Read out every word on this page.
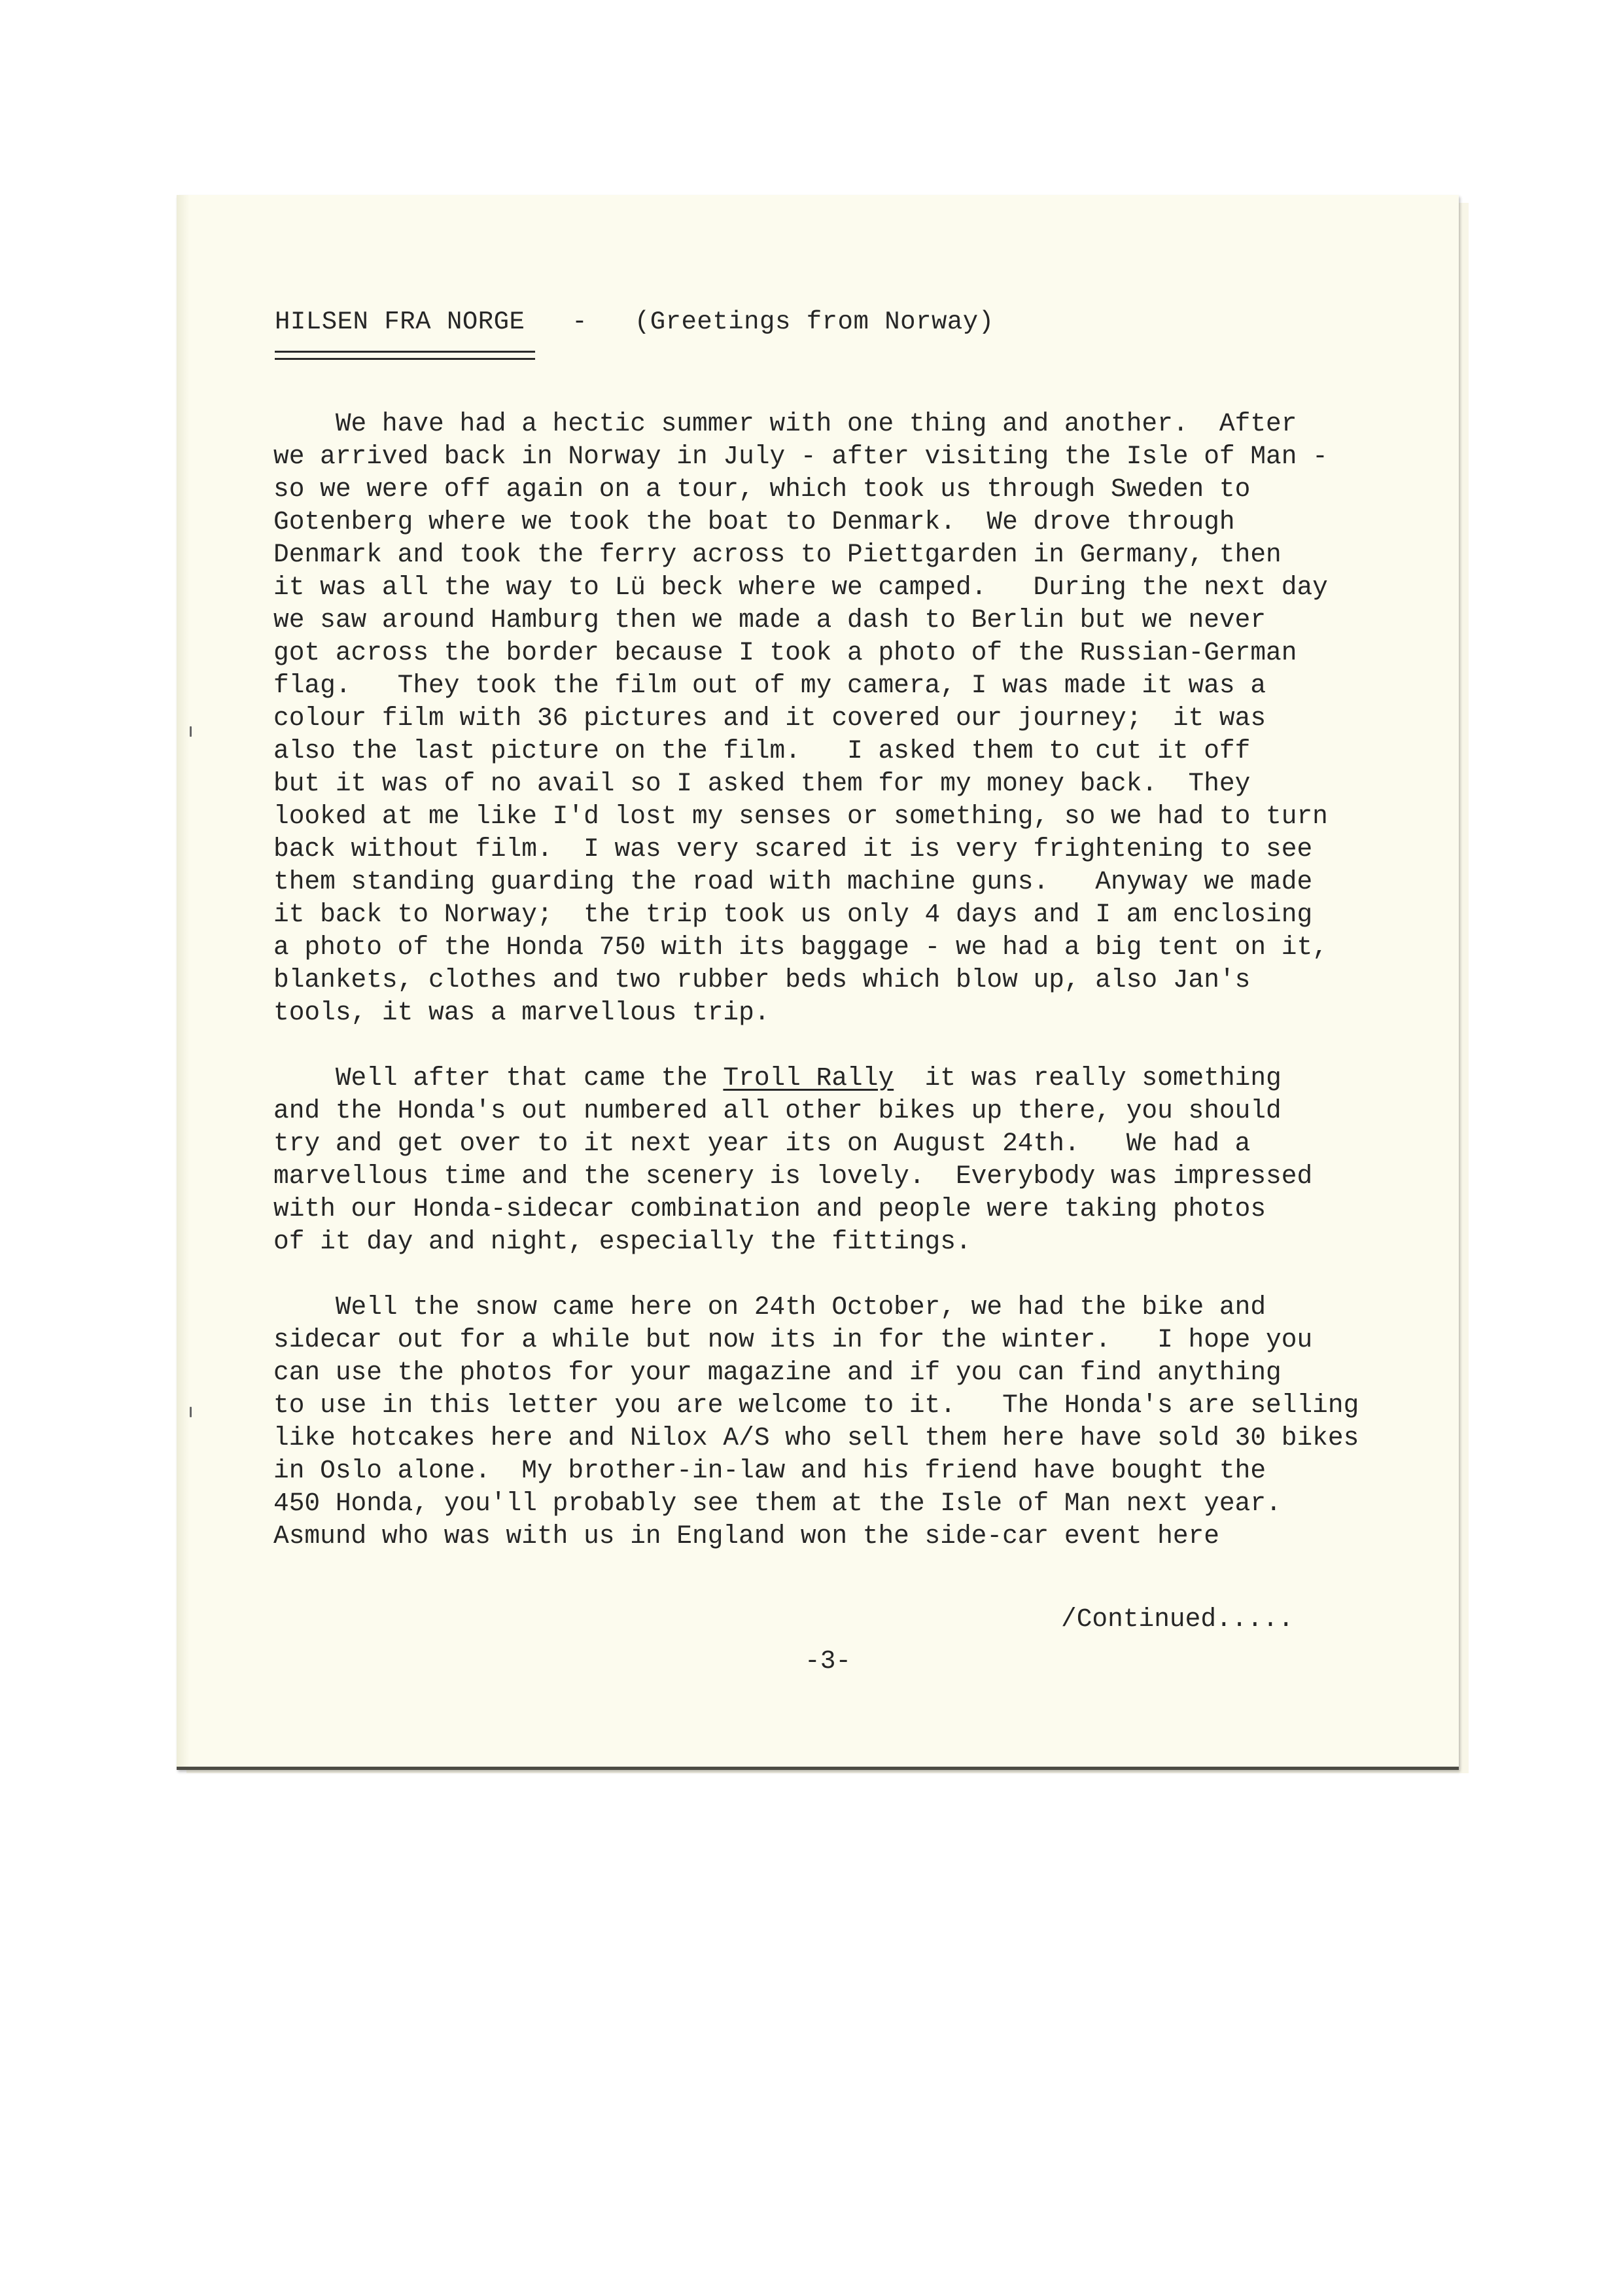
HILSEN FRA NORGE - (Greetings from Norway)
We have had a hectic summer with one thing and another.  After
we arrived back in Norway in July - after visiting the Isle of Man -
so we were off again on a tour, which took us through Sweden to
Gotenberg where we took the boat to Denmark.  We drove through
Denmark and took the ferry across to Piettgarden in Germany, then
it was all the way to Lü beck where we camped.   During the next day
we saw around Hamburg then we made a dash to Berlin but we never
got across the border because I took a photo of the Russian-German
flag.   They took the film out of my camera, I was made it was a
colour film with 36 pictures and it covered our journey;  it was
also the last picture on the film.   I asked them to cut it off
but it was of no avail so I asked them for my money back.  They
looked at me like I'd lost my senses or something, so we had to turn
back without film.  I was very scared it is very frightening to see
them standing guarding the road with machine guns.   Anyway we made
it back to Norway;  the trip took us only 4 days and I am enclosing
a photo of the Honda 750 with its baggage - we had a big tent on it,
blankets, clothes and two rubber beds which blow up, also Jan's
tools, it was a marvellous trip.
Well after that came the Troll Rally  it was really something
and the Honda's out numbered all other bikes up there, you should
try and get over to it next year its on August 24th.   We had a
marvellous time and the scenery is lovely.  Everybody was impressed
with our Honda-sidecar combination and people were taking photos
of it day and night, especially the fittings.
Well the snow came here on 24th October, we had the bike and
sidecar out for a while but now its in for the winter.   I hope you
can use the photos for your magazine and if you can find anything
to use in this letter you are welcome to it.   The Honda's are selling
like hotcakes here and Nilox A/S who sell them here have sold 30 bikes
in Oslo alone.  My brother-in-law and his friend have bought the
450 Honda, you'll probably see them at the Isle of Man next year.
Asmund who was with us in England won the side-car event here
/Continued.....
-3-
